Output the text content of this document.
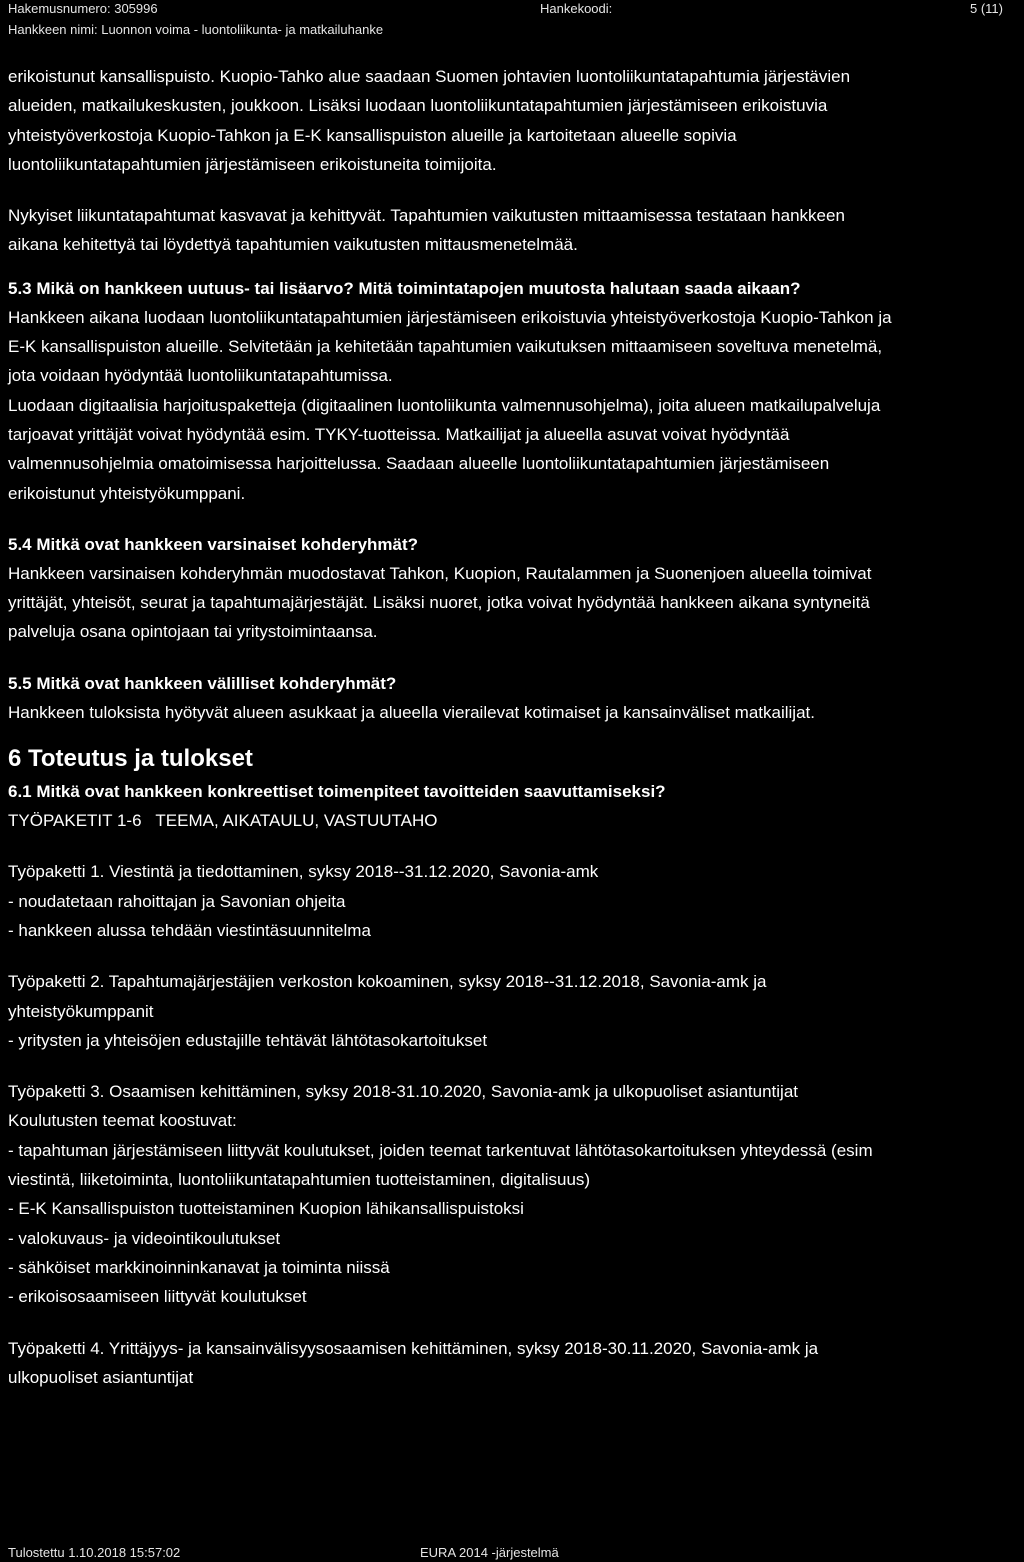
Hakemusnumero: 305996
Hankkeen nimi: Luonnon voima - luontoliikunta- ja matkailuhanke
Hankekoodi:	5 (11)

erikoistunut kansallispuisto. Kuopio-Tahko alue saadaan Suomen johtavien luontoliikuntatapahtumia järjestävien

alueiden, matkailukeskusten, joukkoon. Lisäksi luodaan luontoliikuntatapahtumien järjestämiseen erikoistuvia

yhteistyöverkostoja Kuopio-Tahkon ja E-K kansallispuiston alueille ja kartoitetaan alueelle sopivia

luontoliikuntatapahtumien järjestämiseen erikoistuneita toimijoita.

Nykyiset liikuntatapahtumat kasvavat ja kehittyvät. Tapahtumien vaikutusten mittaamisessa testataan hankkeen

aikana kehitettyä tai löydettyä tapahtumien vaikutusten mittausmenetelmää.

5.3 Mikä on hankkeen uutuus- tai lisäarvo? Mitä toimintatapojen muutosta halutaan saada aikaan?

Hankkeen aikana luodaan luontoliikuntatapahtumien järjestämiseen erikoistuvia yhteistyöverkostoja Kuopio-Tahkon ja

E-K kansallispuiston alueille. Selvitetään ja kehitetään tapahtumien vaikutuksen mittaamiseen soveltuva menetelmä,

jota voidaan hyödyntää luontoliikuntatapahtumissa.

Luodaan digitaalisia harjoituspaketteja (digitaalinen luontoliikunta valmennusohjelma), joita alueen matkailupalveluja

tarjoavat yrittäjät voivat hyödyntää esim. TYKY-tuotteissa. Matkailijat ja alueella asuvat voivat hyödyntää

valmennusohjelmia omatoimisessa harjoittelussa. Saadaan alueelle luontoliikuntatapahtumien järjestämiseen

erikoistunut yhteistyökumppani.

5.4 Mitkä ovat hankkeen varsinaiset kohderyhmät?

Hankkeen varsinaisen kohderyhmän muodostavat Tahkon, Kuopion, Rautalammen ja Suonenjoen alueella toimivat

yrittäjät, yhteisöt, seurat ja tapahtumajärjestäjät. Lisäksi nuoret, jotka voivat hyödyntää hankkeen aikana syntyneitä

palveluja osana opintojaan tai yritystoimintaansa.

5.5 Mitkä ovat hankkeen välilliset kohderyhmät?

Hankkeen tuloksista hyötyvät alueen asukkaat ja alueella vierailevat kotimaiset ja kansainväliset matkailijat.

6 Toteutus ja tulokset

6.1 Mitkä ovat hankkeen konkreettiset toimenpiteet tavoitteiden saavuttamiseksi?

TYÖPAKETIT 1-6   TEEMA, AIKATAULU, VASTUUTAHO

Työpaketti 1. Viestintä ja tiedottaminen, syksy 2018--31.12.2020, Savonia-amk

- noudatetaan rahoittajan ja Savonian ohjeita

- hankkeen alussa tehdään viestintäsuunnitelma

Työpaketti 2. Tapahtumajärjestäjien verkoston kokoaminen, syksy 2018--31.12.2018, Savonia-amk ja

yhteistyökumppanit

- yritysten ja yhteisöjen edustajille tehtävät lähtötasokartoitukset

Työpaketti 3. Osaamisen kehittäminen, syksy 2018-31.10.2020, Savonia-amk ja ulkopuoliset asiantuntijat

Koulutusten teemat koostuvat:

- tapahtuman järjestämiseen liittyvät koulutukset, joiden teemat tarkentuvat lähtötasokartoituksen yhteydessä (esim

viestintä, liiketoiminta, luontoliikuntatapahtumien tuotteistaminen, digitalisuus)

- E-K Kansallispuiston tuotteistaminen Kuopion lähikansallispuistoksi

- valokuvaus- ja videointikoulutukset

- sähköiset markkinoinninkanavat ja toiminta niissä

- erikoisosaamiseen liittyvät koulutukset

Työpaketti 4. Yrittäjyys- ja kansainvälisyysosaamisen kehittäminen, syksy 2018-30.11.2020, Savonia-amk ja

ulkopuoliset asiantuntijat

Tulostettu 1.10.2018 15:57:02	EURA 2014 -järjestelmä
